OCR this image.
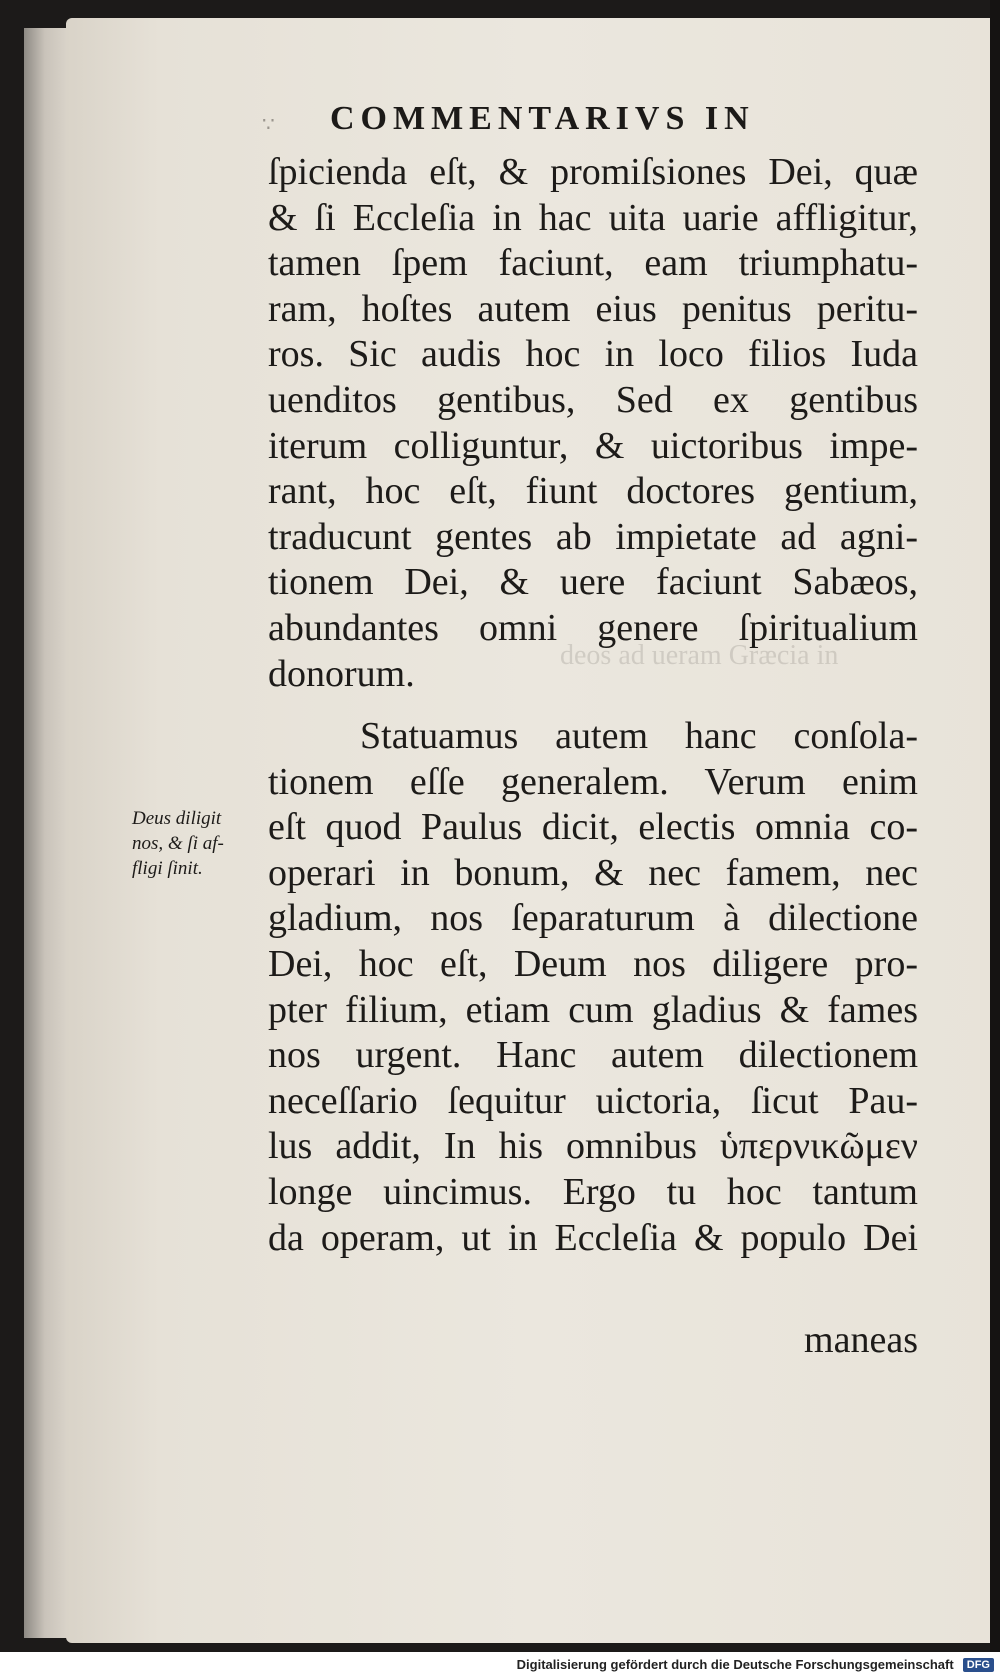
deos ad ueram Græcia in
∵ COMMENTARIVS IN
ſpicienda eſt, & promiſsiones Dei, quæ
& ſi Eccleſia in hac uita uarie affligitur,
tamen ſpem faciunt, eam triumphatu-
ram, hoſtes autem eius penitus peritu-
ros. Sic audis hoc in loco filios Iuda
uenditos gentibus, Sed ex gentibus
iterum colliguntur, & uictoribus impe-
rant, hoc eſt, fiunt doctores gentium,
traducunt gentes ab impietate ad agni-
tionem Dei, & uere faciunt Sabæos,
abundantes omni genere ſpiritualium
donorum.
Statuamus autem hanc conſola-
tionem eſſe generalem. Verum enim
eſt quod Paulus dicit, electis omnia co-
operari in bonum, & nec famem, nec
gladium, nos ſeparaturum à dilectione
Dei, hoc eſt, Deum nos diligere pro-
pter filium, etiam cum gladius & fames
nos urgent. Hanc autem dilectionem
neceſſario ſequitur uictoria, ſicut Pau-
lus addit, In his omnibus ὑπερνικῶμεν
longe uincimus. Ergo tu hoc tantum
da operam, ut in Eccleſia & populo Dei
maneas
Deus diligit
nos, & ſi af-
fligi ſinit.
Digitalisierung gefördert durch die Deutsche Forschungsgemeinschaft DFG
